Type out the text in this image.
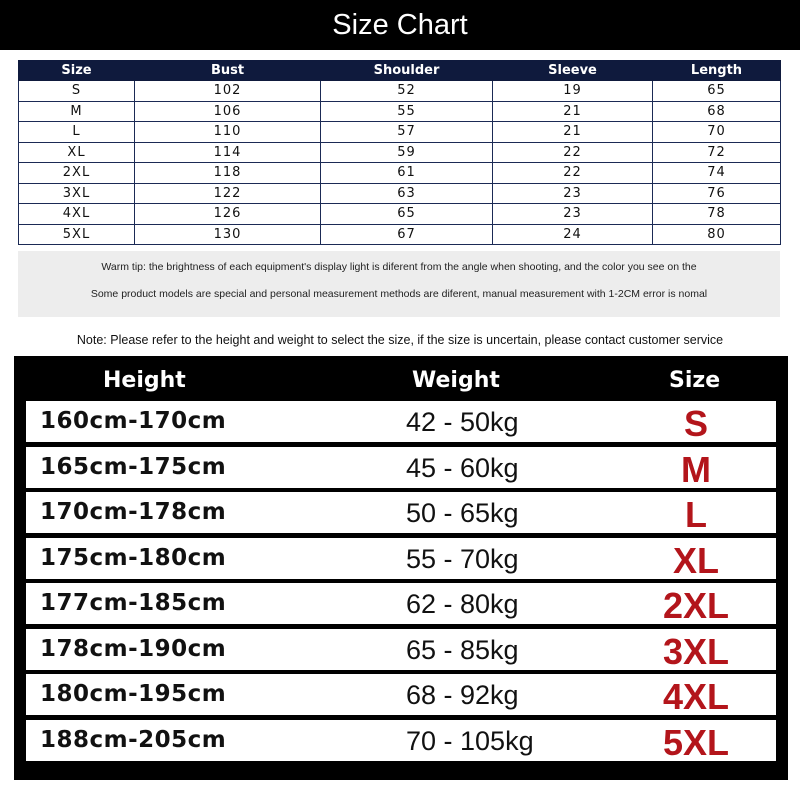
Size Chart
Size	Bust	Shoulder	Sleeve	Length
S	102	52	19	65
M	106	55	21	68
L	110	57	21	70
XL	114	59	22	72
2XL	118	61	22	74
3XL	122	63	23	76
4XL	126	65	23	78
5XL	130	67	24	80
Warm tip: the brightness of each equipment's display light is diferent from the angle when shooting, and the color you see on the
Some product models are special and personal measurement methods are diferent, manual measurement with 1-2CM error is nomal
Note: Please refer to the height and weight to select the size, if the size is uncertain, please contact customer service
Height	Weight	Size
160cm-170cm	42 - 50kg	S
165cm-175cm	45 - 60kg	M
170cm-178cm	50 - 65kg	L
175cm-180cm	55 - 70kg	XL
177cm-185cm	62 - 80kg	2XL
178cm-190cm	65 - 85kg	3XL
180cm-195cm	68 - 92kg	4XL
188cm-205cm	70 - 105kg	5XL
